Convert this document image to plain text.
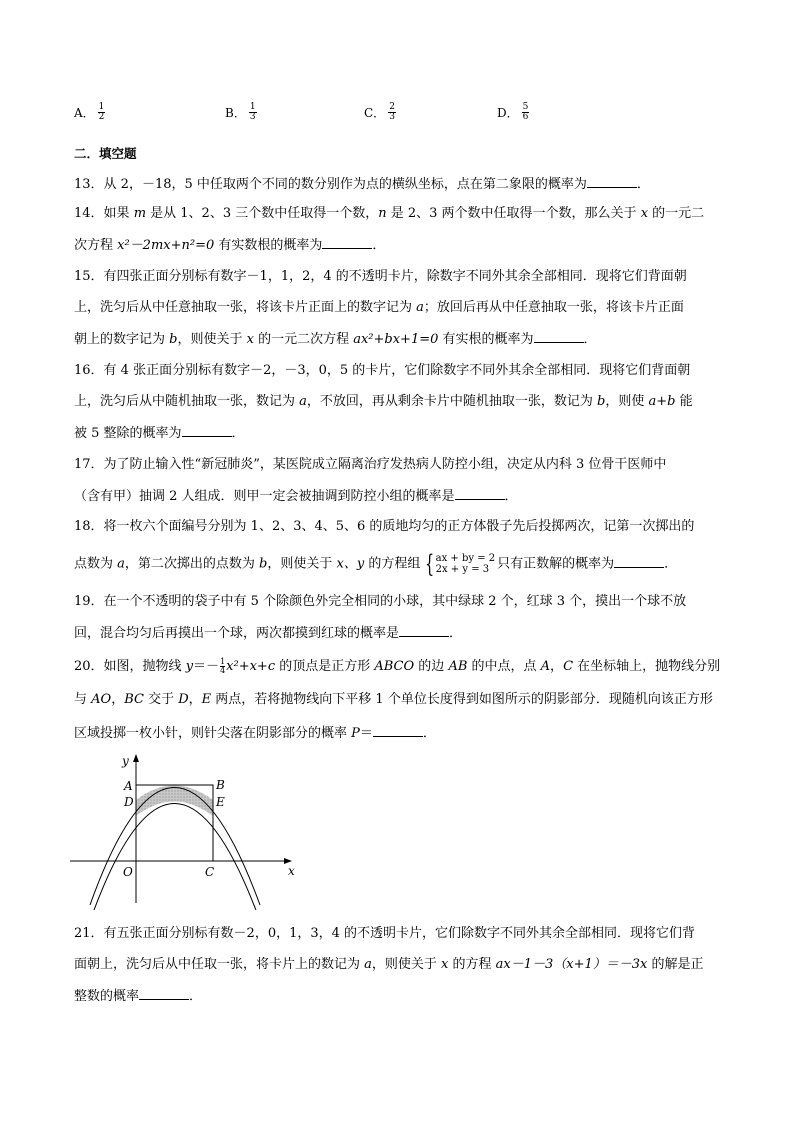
A． $\frac{1}{2}$	B． $\frac{1}{3}$	C． $\frac{2}{3}$	D． $\frac{5}{6}$
二．填空题
13．从 2，－18，5 中任取两个不同的数分别作为点的横纵坐标，点在第二象限的概率为	．
14．如果 m 是从 1、2、3 三个数中任取得一个数，n 是 2、3 两个数中任取得一个数，那么关于 x 的一元二
次方程 x²－2mx+n²=0 有实数根的概率为	．
15．有四张正面分别标有数字－1，1，2，4 的不透明卡片，除数字不同外其余全部相同．现将它们背面朝
上，洗匀后从中任意抽取一张，将该卡片正面上的数字记为 a；放回后再从中任意抽取一张，将该卡片正面
朝上的数字记为 b，则使关于 x 的一元二次方程 ax²+bx+1=0 有实根的概率为	．
16．有 4 张正面分别标有数字－2，－3，0，5 的卡片，它们除数字不同外其余全部相同．现将它们背面朝
上，洗匀后从中随机抽取一张，数记为 a，不放回，再从剩余卡片中随机抽取一张，数记为 b，则使 a+b 能
被 5 整除的概率为	．
17．为了防止输入性“新冠肺炎”，某医院成立隔离治疗发热病人防控小组，决定从内科 3 位骨干医师中
（含有甲）抽调 2 人组成．则甲一定会被抽调到防控小组的概率是	．
18．将一枚六个面编号分别为 1、2、3、4、5、6 的质地均匀的正方体骰子先后投掷两次，记第一次掷出的
点数为 a，第二次掷出的点数为 b，则使关于 x、y 的方程组 { ax + by = 2
2x + y = 3 只有正数解的概率为	．
19．在一个不透明的袋子中有 5 个除颜色外完全相同的小球，其中绿球 2 个，红球 3 个，摸出一个球不放
回，混合均匀后再摸出一个球，两次都摸到红球的概率是	．
20．如图，抛物线 $y=- \frac{1}{4} x^2+x+c$ 的顶点是正方形 ABCO 的边 AB 的中点，点 A，C 在坐标轴上，抛物线分别
与 AO，BC 交于 D，E 两点，若将抛物线向下平移 1 个单位长度得到如图所示的阴影部分．现随机向该正方形
区域投掷一枚小针，则针尖落在阴影部分的概率 P＝	．
y
x
O
A	B
C
D	E
21．有五张正面分别标有数－2，0，1，3，4 的不透明卡片，它们除数字不同外其余全部相同．现将它们背
面朝上，洗匀后从中任取一张，将卡片上的数记为 a，则使关于 x 的方程 ax－1－3（x+1）＝－3x 的解是正
整数的概率	．
